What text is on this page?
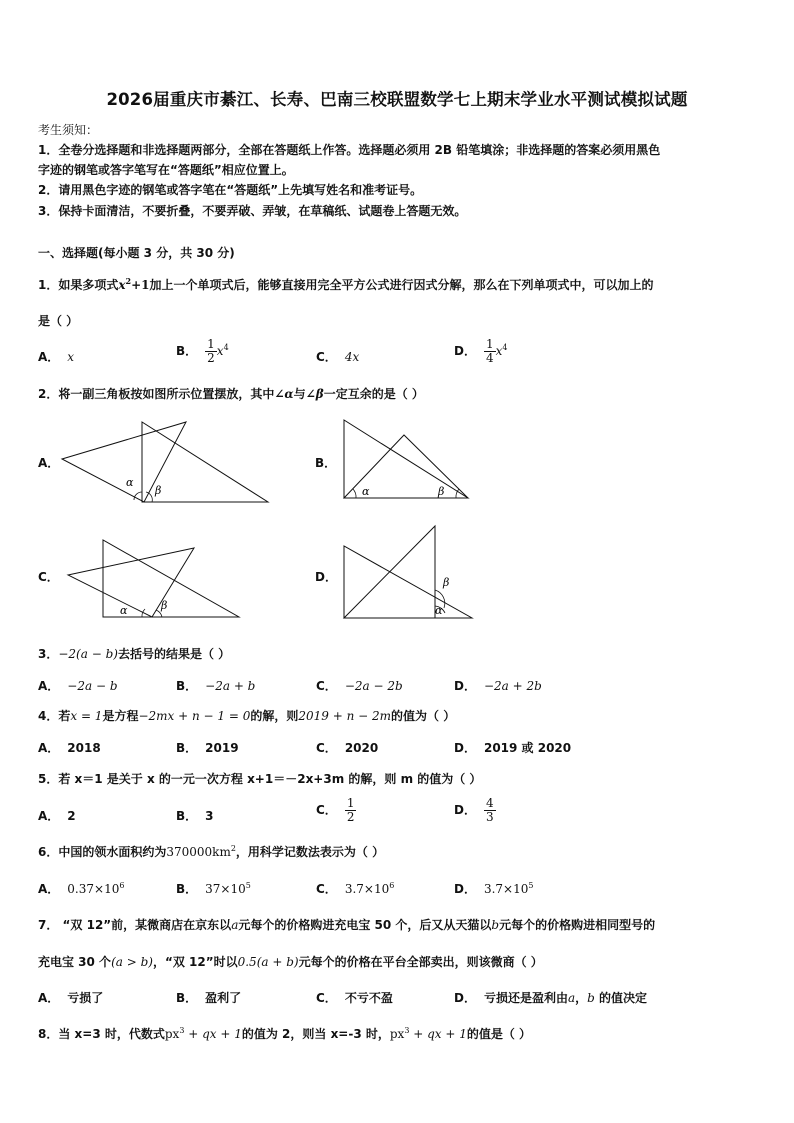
2026届重庆市綦江、长寿、巴南三校联盟数学七上期末学业水平测试模拟试题
考生须知：
1．全卷分选择题和非选择题两部分，全部在答题纸上作答。选择题必须用 2B 铅笔填涂；非选择题的答案必须用黑色
字迹的钢笔或答字笔写在“答题纸”相应位置上。
2．请用黑色字迹的钢笔或答字笔在“答题纸”上先填写姓名和准考证号。
3．保持卡面清洁，不要折叠，不要弄破、弄皱，在草稿纸、试题卷上答题无效。
一、选择题(每小题 3 分，共 30 分)
1．如果多项式$x^2+1$加上一个单项式后，能够直接用完全平方公式进行因式分解，那么在下列单项式中，可以加上的
是（ ）
A． x	B． $\frac{1}{2} x^4$
C． 4x	D． $\frac{1}{4} x^4$
2．将一副三角板按如图所示位置摆放，其中∠α与∠β一定互余的是（ ）
A．
α
β
B．
α	β
C．
α	β
D．
α
β
3．−2(a − b)去括号的结果是（ ）
A． −2a − b	B． −2a + b	C． −2a − 2b	D． −2a + 2b
4．若x = 1是方程−2mx + n − 1 = 0的解，则2019 + n − 2m的值为（ ）
A． 2018	B． 2019	C． 2020	D． 2019 或 2020
5．若 x＝1 是关于 x 的一元一次方程 x+1＝－2x+3m 的解，则 m 的值为（ ）
A． 2	B． 3	C． $\frac{1}{2}$	D． $\frac{4}{3}$
6．中国的领水面积约为$370000km^2$，用科学记数法表示为（ ）
A． $0.37\times 10^6$	B． $37\times 10^5$	C． $3.7\times 10^6$	D． $3.7\times 10^5$
7． “双 12”前，某微商店在京东以a元每个的价格购进充电宝 50 个，后又从天猫以b元每个的价格购进相同型号的
充电宝 30 个(a > b)，“双 12”时以0.5(a + b)元每个的价格在平台全部卖出，则该微商（ ）
A． 亏损了	B． 盈利了	C． 不亏不盈	D． 亏损还是盈利由a，b 的值决定
8．当 x=3 时，代数式$px^3$ + qx + 1的值为 2，则当 x=-3 时，$px^3$ + qx + 1的值是（ ）
